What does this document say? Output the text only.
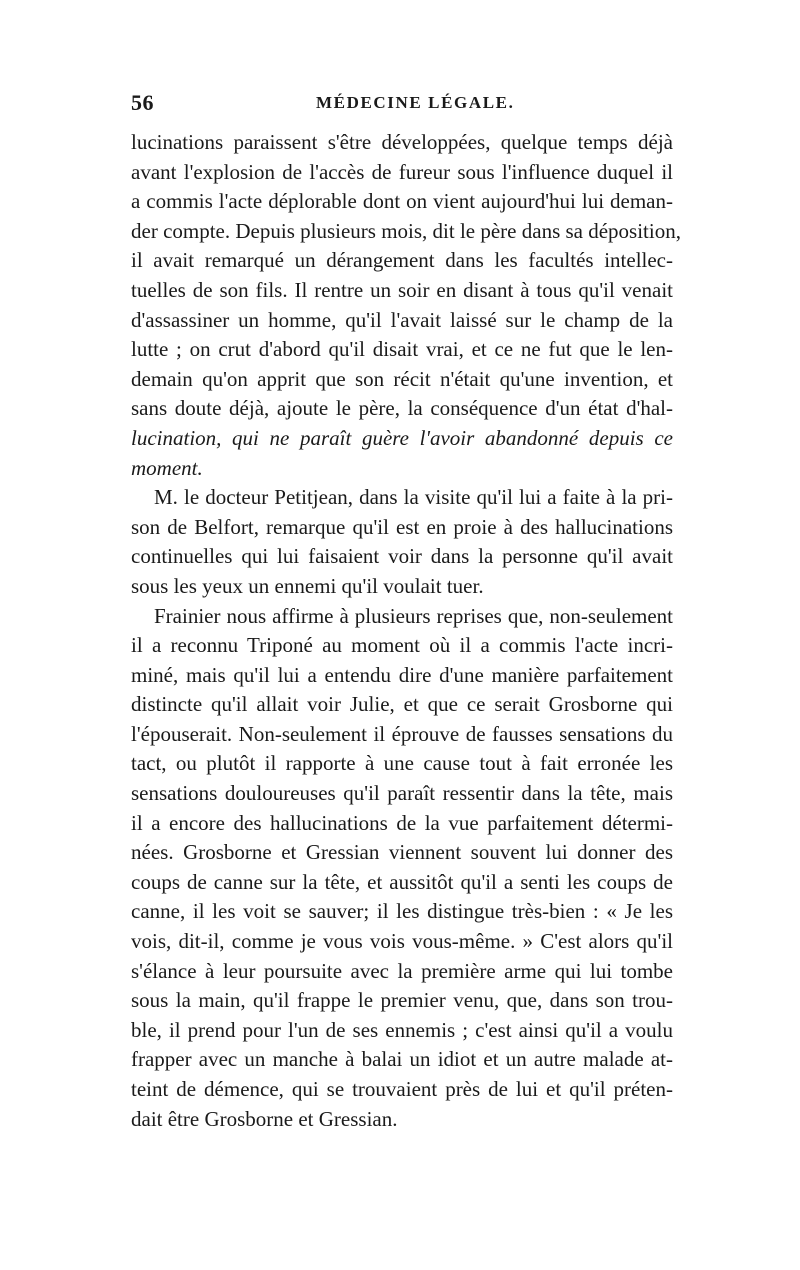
56	MÉDECINE LÉGALE.
lucinations paraissent s'être développées, quelque temps déjà
avant l'explosion de l'accès de fureur sous l'influence duquel il
a commis l'acte déplorable dont on vient aujourd'hui lui deman-
der compte. Depuis plusieurs mois, dit le père dans sa déposition,
il avait remarqué un dérangement dans les facultés intellec-
tuelles de son fils. Il rentre un soir en disant à tous qu'il venait
d'assassiner un homme, qu'il l'avait laissé sur le champ de la
lutte ; on crut d'abord qu'il disait vrai, et ce ne fut que le len-
demain qu'on apprit que son récit n'était qu'une invention, et
sans doute déjà, ajoute le père, la conséquence d'un état d'hal-
lucination, qui ne paraît guère l'avoir abandonné depuis ce
moment.
M. le docteur Petitjean, dans la visite qu'il lui a faite à la pri-
son de Belfort, remarque qu'il est en proie à des hallucinations
continuelles qui lui faisaient voir dans la personne qu'il avait
sous les yeux un ennemi qu'il voulait tuer.
Frainier nous affirme à plusieurs reprises que, non-seulement
il a reconnu Triponé au moment où il a commis l'acte incri-
miné, mais qu'il lui a entendu dire d'une manière parfaitement
distincte qu'il allait voir Julie, et que ce serait Grosborne qui
l'épouserait. Non-seulement il éprouve de fausses sensations du
tact, ou plutôt il rapporte à une cause tout à fait erronée les
sensations douloureuses qu'il paraît ressentir dans la tête, mais
il a encore des hallucinations de la vue parfaitement détermi-
nées. Grosborne et Gressian viennent souvent lui donner des
coups de canne sur la tête, et aussitôt qu'il a senti les coups de
canne, il les voit se sauver; il les distingue très-bien : « Je les
vois, dit-il, comme je vous vois vous-même. » C'est alors qu'il
s'élance à leur poursuite avec la première arme qui lui tombe
sous la main, qu'il frappe le premier venu, que, dans son trou-
ble, il prend pour l'un de ses ennemis ; c'est ainsi qu'il a voulu
frapper avec un manche à balai un idiot et un autre malade at-
teint de démence, qui se trouvaient près de lui et qu'il préten-
dait être Grosborne et Gressian.
